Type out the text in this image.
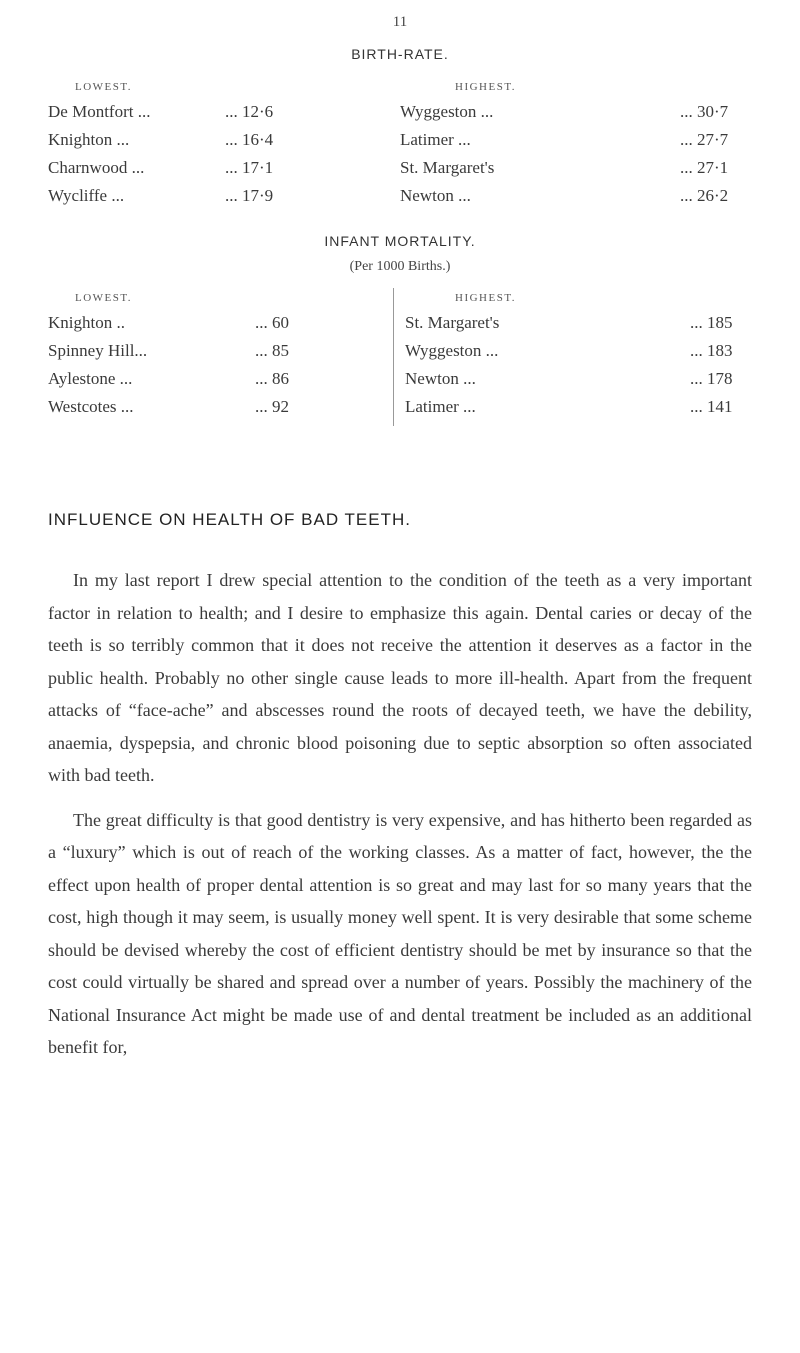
11
BIRTH-RATE.
LOWEST.	HIGHEST.
De Montfort ...	... 12·6	Wyggeston ...	... 30·7
Knighton ...	... 16·4	Latimer ...	... 27·7
Charnwood ...	... 17·1	St. Margaret's	... 27·1
Wycliffe ...	... 17·9	Newton ...	... 26·2
INFANT MORTALITY.
(Per 1000 Births.)
LOWEST.	HIGHEST.
Knighton ..	... 60	St. Margaret's	... 185
Spinney Hill...	... 85	Wyggeston ...	... 183
Aylestone ...	... 86	Newton ...	... 178
Westcotes ...	... 92	Latimer ...	... 141
INFLUENCE ON HEALTH OF BAD TEETH.

In my last report I drew special attention to the condition of the teeth as a very important factor in relation to health; and I desire to emphasize this again. Dental caries or decay of the teeth is so terribly common that it does not receive the attention it deserves as a factor in the public health. Probably no other single cause leads to more ill-health. Apart from the frequent attacks of “face-ache” and abscesses round the roots of decayed teeth, we have the debility, anaemia, dyspepsia, and chronic blood poisoning due to septic absorption so often associated with bad teeth.

The great difficulty is that good dentistry is very expensive, and has hitherto been regarded as a “luxury” which is out of reach of the working classes. As a matter of fact, however, the the effect upon health of proper dental attention is so great and may last for so many years that the cost, high though it may seem, is usually money well spent. It is very desirable that some scheme should be devised whereby the cost of efficient dentistry should be met by insurance so that the cost could virtually be shared and spread over a number of years. Possibly the machinery of the National Insurance Act might be made use of and dental treatment be included as an additional benefit for,
